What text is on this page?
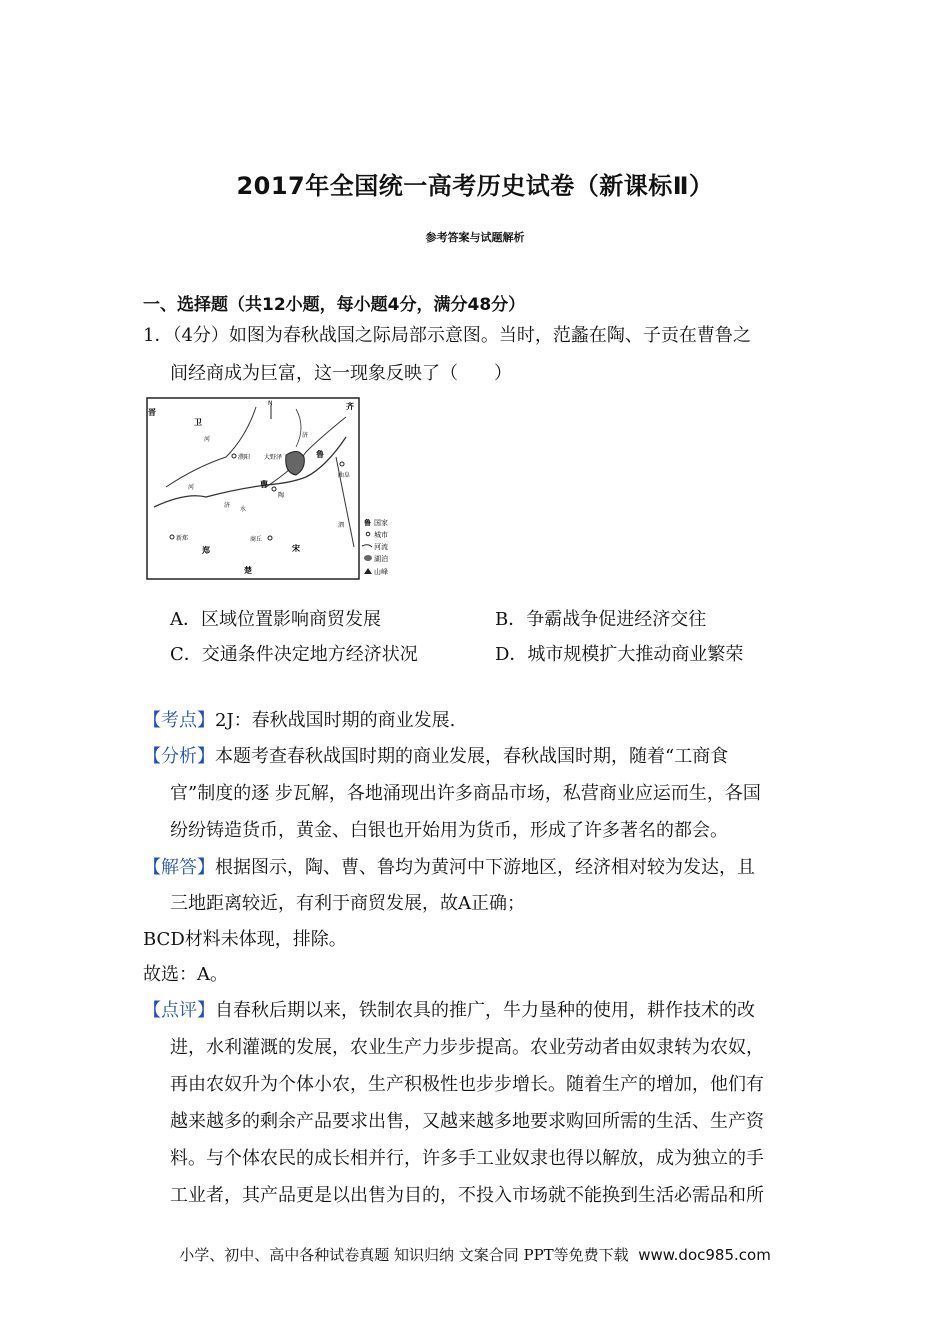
2017年全国统一高考历史试卷（新课标Ⅱ）
参考答案与试题解析
一、选择题（共12小题，每小题4分，满分48分）
1．（4分）如图为春秋战国之际局部示意图。当时，范蠡在陶、子贡在曹鲁之
间经商成为巨富，这一现象反映了（　　）
鲁 国家
城市
河流
湖泊
山峰
卫
晋
齐
N
濮阳 大野泽	鲁
曲阜
曹
陶
河
河
济
水
济
泗
新郑
郑
商丘
宋
楚
A．区域位置影响商贸发展	B．争霸战争促进经济交往
C．交通条件决定地方经济状况	D．城市规模扩大推动商业繁荣
【考点】2J：春秋战国时期的商业发展.
【分析】本题考查春秋战国时期的商业发展，春秋战国时期，随着“工商食
官”制度的逐 步瓦解，各地涌现出许多商品市场，私营商业应运而生，各国
纷纷铸造货币，黄金、白银也开始用为货币，形成了许多著名的都会。
【解答】根据图示，陶、曹、鲁均为黄河中下游地区，经济相对较为发达，且
三地距离较近，有利于商贸发展，故A正确；
BCD材料未体现，排除。
故选：A。
【点评】自春秋后期以来，铁制农具的推广，牛力垦种的使用，耕作技术的改
进，水利灌溉的发展，农业生产力步步提高。农业劳动者由奴隶转为农奴，
再由农奴升为个体小农，生产积极性也步步增长。随着生产的增加，他们有
越来越多的剩余产品要求出售，又越来越多地要求购回所需的生活、生产资
料。与个体农民的成长相并行，许多手工业奴隶也得以解放，成为独立的手
工业者，其产品更是以出售为目的，不投入市场就不能换到生活必需品和所
小学、初中、高中各种试卷真题 知识归纳 文案合同 PPT等免费下载 www.doc985.com
